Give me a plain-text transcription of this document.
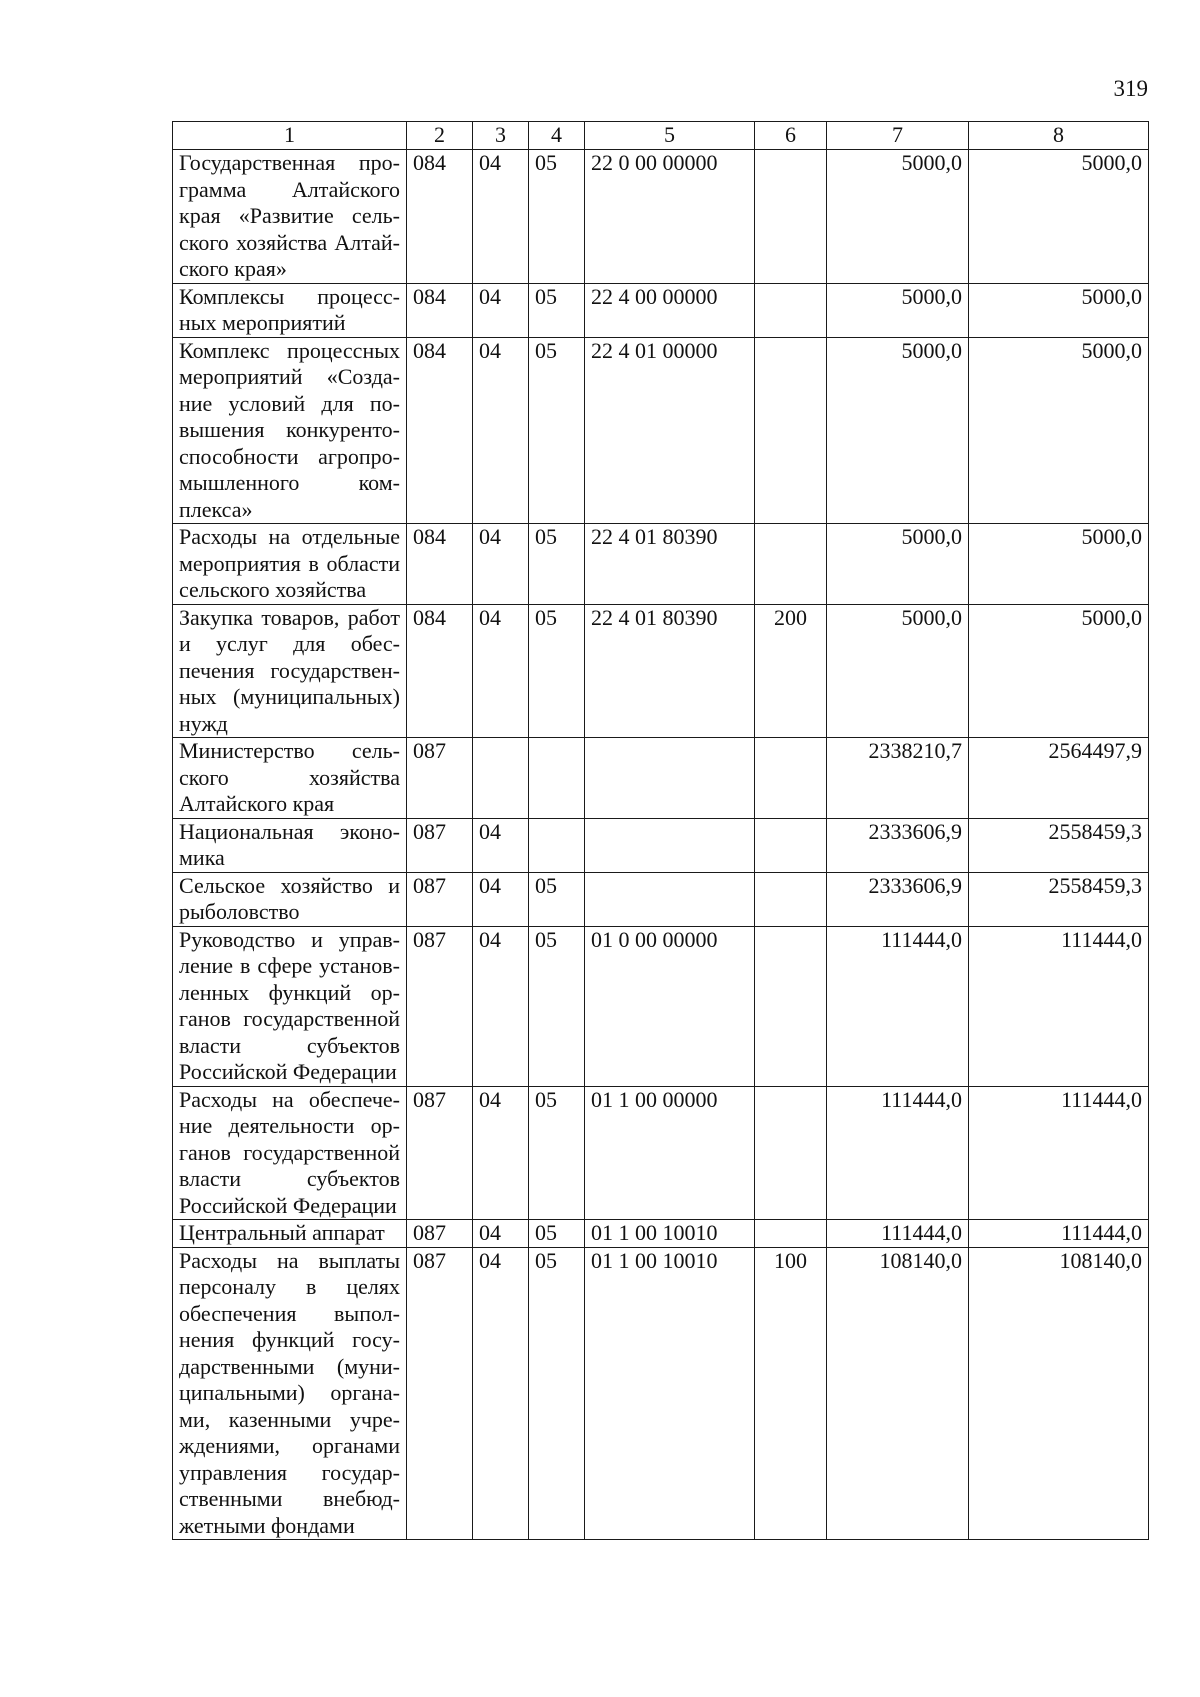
319
1	2	3	4	5	6	7	8
Государственная программа Алтайского края «Развитие сельского хозяйства Алтайского края»	084	04	05	22 0 00 00000		5000,0	5000,0
Комплексы процессных мероприятий	084	04	05	22 4 00 00000		5000,0	5000,0
Комплекс процессных мероприятий «Создание условий для повышения конкурентоспособности агропромышленного комплекса»	084	04	05	22 4 01 00000		5000,0	5000,0
Расходы на отдельные мероприятия в области сельского хозяйства	084	04	05	22 4 01 80390		5000,0	5000,0
Закупка товаров, работ и услуг для обеспечения государственных (муниципальных) нужд	084	04	05	22 4 01 80390	200	5000,0	5000,0
Министерство сельского хозяйства Алтайского края	087					2338210,7	2564497,9
Национальная экономика	087	04				2333606,9	2558459,3
Сельское хозяйство и рыболовство	087	04	05			2333606,9	2558459,3
Руководство и управление в сфере установленных функций органов государственной власти субъектов Российской Федерации	087	04	05	01 0 00 00000		111444,0	111444,0
Расходы на обеспечение деятельности органов государственной власти субъектов Российской Федерации	087	04	05	01 1 00 00000		111444,0	111444,0
Центральный аппарат	087	04	05	01 1 00 10010		111444,0	111444,0
Расходы на выплаты персоналу в целях обеспечения выполнения функций государственными (муниципальными) органами, казенными учреждениями, органами управления государственными внебюджетными фондами	087	04	05	01 1 00 10010	100	108140,0	108140,0
